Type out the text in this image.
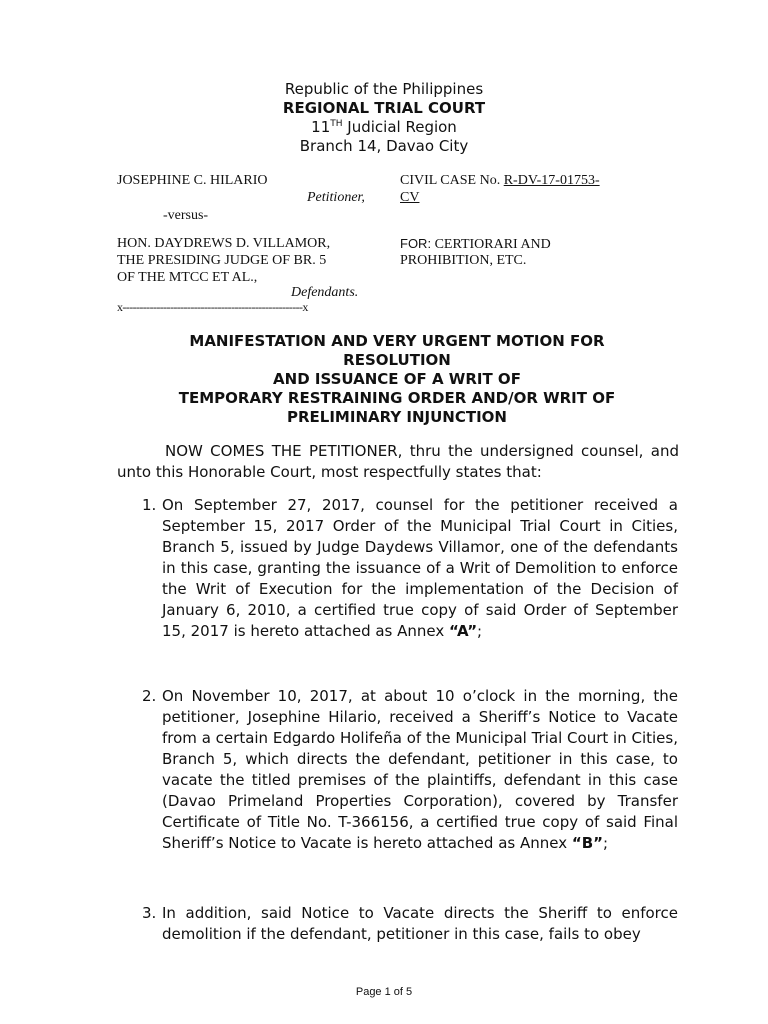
Republic of the Philippines
REGIONAL TRIAL COURT
11TH Judicial Region
Branch 14, Davao City
JOSEPHINE C. HILARIO
Petitioner,
-versus-
HON. DAYDREWS D. VILLAMOR,
THE PRESIDING JUDGE OF BR. 5
OF THE MTCC ET AL.,
Defendants.
x-----------------------------------------------------x
CIVIL CASE No. R-DV-17-01753-
CV
FOR: CERTIORARI AND
PROHIBITION, ETC.
MANIFESTATION AND VERY URGENT MOTION FOR
RESOLUTION
AND ISSUANCE OF A WRIT OF
TEMPORARY RESTRAINING ORDER AND/OR WRIT OF
PRELIMINARY INJUNCTION
NOW COMES THE PETITIONER, thru the undersigned counsel, and unto this Honorable Court, most respectfully states that:
1. On September 27, 2017, counsel for the petitioner received a September 15, 2017 Order of the Municipal Trial Court in Cities, Branch 5, issued by Judge Daydews Villamor, one of the defendants in this case, granting the issuance of a Writ of Demolition to enforce the Writ of Execution for the implementation of the Decision of January 6, 2010, a certified true copy of said Order of September 15, 2017 is hereto attached as Annex “A”;
2. On November 10, 2017, at about 10 o’clock in the morning, the petitioner, Josephine Hilario, received a Sheriff’s Notice to Vacate from a certain Edgardo Holifeña of the Municipal Trial Court in Cities, Branch 5, which directs the defendant, petitioner in this case, to vacate the titled premises of the plaintiffs, defendant in this case (Davao Primeland Properties Corporation), covered by Transfer Certificate of Title No. T-366156, a certified true copy of said Final Sheriff’s Notice to Vacate is hereto attached as Annex “B”;
3. In addition, said Notice to Vacate directs the Sheriff to enforce demolition if the defendant, petitioner in this case, fails to obey
Page 1 of 5
